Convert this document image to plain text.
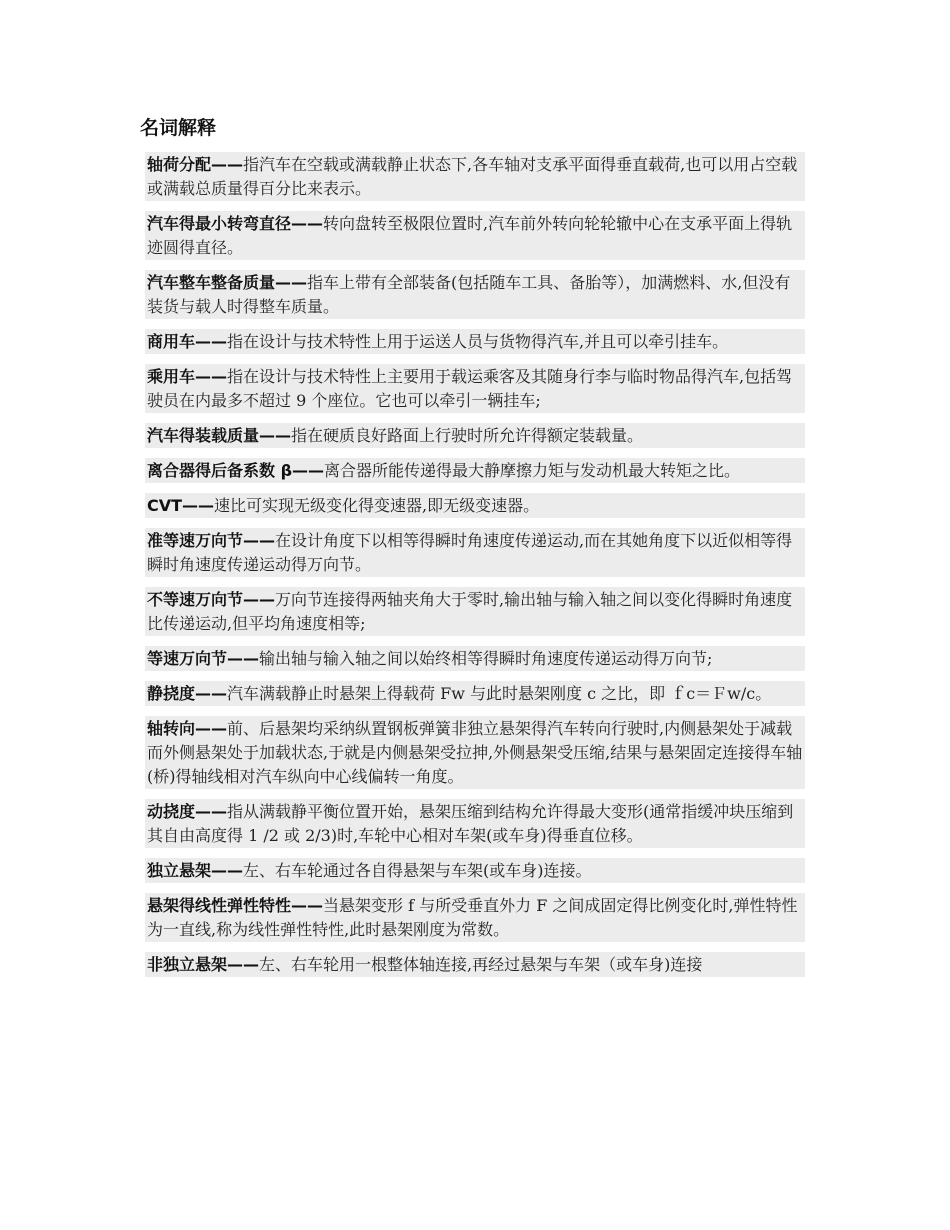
名词解释
轴荷分配——指汽车在空载或满载静止状态下,各车轴对支承平面得垂直载荷,也可以用占空载或满载总质量得百分比来表示。
汽车得最小转弯直径——转向盘转至极限位置时,汽车前外转向轮轮辙中心在支承平面上得轨迹圆得直径。
汽车整车整备质量——指车上带有全部装备(包括随车工具、备胎等），加满燃料、水,但没有装货与载人时得整车质量。
商用车——指在设计与技术特性上用于运送人员与货物得汽车,并且可以牵引挂车。
乘用车——指在设计与技术特性上主要用于载运乘客及其随身行李与临时物品得汽车,包括驾驶员在内最多不超过 9 个座位。它也可以牵引一辆挂车;
汽车得装载质量——指在硬质良好路面上行驶时所允许得额定装载量。
离合器得后备系数 β——离合器所能传递得最大静摩擦力矩与发动机最大转矩之比。
CVT——速比可实现无级变化得变速器,即无级变速器。
准等速万向节——在设计角度下以相等得瞬时角速度传递运动,而在其她角度下以近似相等得瞬时角速度传递运动得万向节。
不等速万向节——万向节连接得两轴夹角大于零时,输出轴与输入轴之间以变化得瞬时角速度比传递运动,但平均角速度相等;
等速万向节——输出轴与输入轴之间以始终相等得瞬时角速度传递运动得万向节;
静挠度——汽车满载静止时悬架上得载荷 Fw 与此时悬架刚度 c 之比，即 ｆc＝Ｆw/c。
轴转向——前、后悬架均采纳纵置钢板弹簧非独立悬架得汽车转向行驶时,内侧悬架处于减载而外侧悬架处于加载状态,于就是内侧悬架受拉抻,外侧悬架受压缩,结果与悬架固定连接得车轴(桥)得轴线相对汽车纵向中心线偏转一角度。
动挠度——指从满载静平衡位置开始，悬架压缩到结构允许得最大变形(通常指缓冲块压缩到其自由高度得 1 /2 或 2/3)时,车轮中心相对车架(或车身)得垂直位移。
独立悬架——左、右车轮通过各自得悬架与车架(或车身)连接。
悬架得线性弹性特性——当悬架变形 f 与所受垂直外力 F 之间成固定得比例变化时,弹性特性为一直线,称为线性弹性特性,此时悬架刚度为常数。
非独立悬架——左、右车轮用一根整体轴连接,再经过悬架与车架（或车身)连接
